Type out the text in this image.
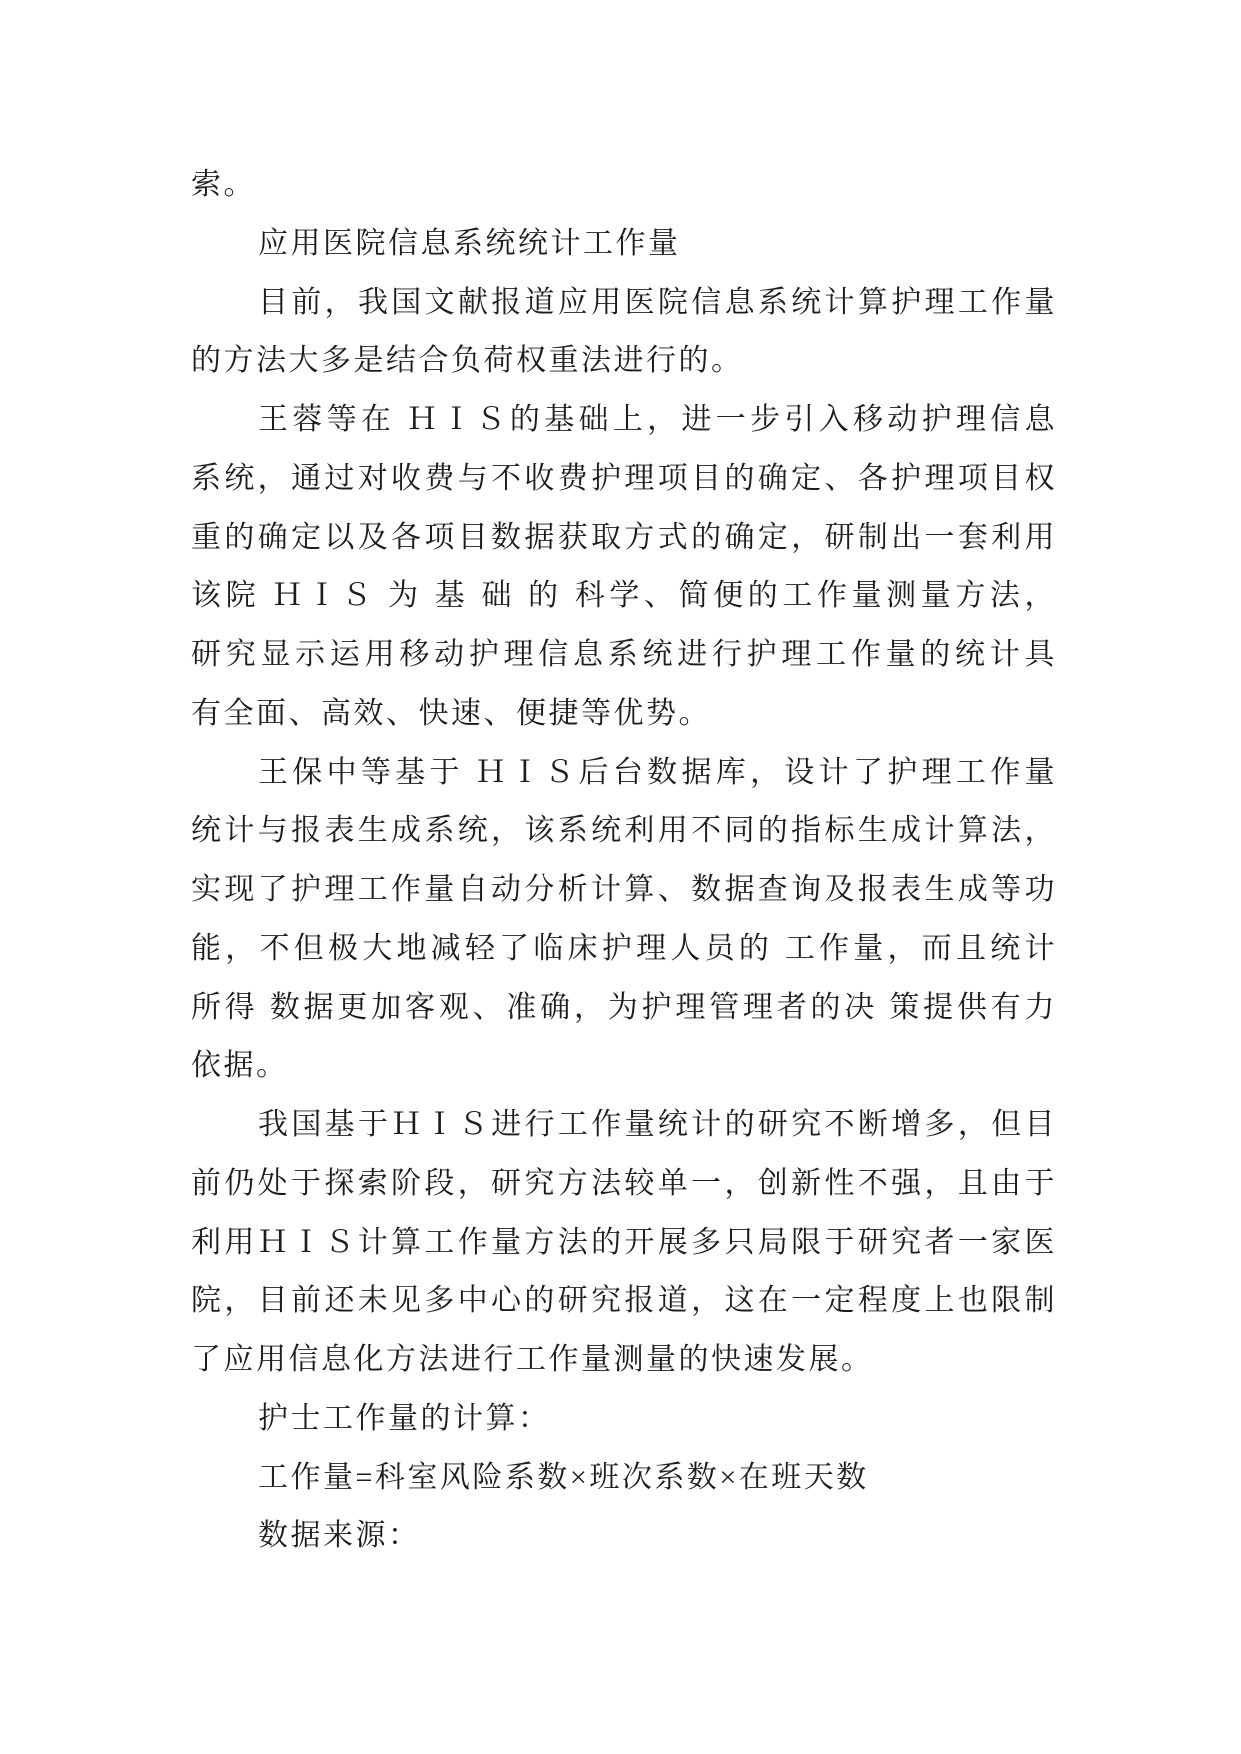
索。
应用医院信息系统统计工作量
目前，我国文献报道应用医院信息系统计算护理工作量
的方法大多是结合负荷权重法进行的。
王蓉等在 ＨＩＳ的基础上，进一步引入移动护理信息
系统，通过对收费与不收费护理项目的确定、各护理项目权
重的确定以及各项目数据获取方式的确定，研制出一套利用
该院 ＨＩＳ 为 基 础 的 科学、简便的工作量测量方法，
研究显示运用移动护理信息系统进行护理工作量的统计具
有全面、高效、快速、便捷等优势。
王保中等基于 ＨＩＳ后台数据库，设计了护理工作量
统计与报表生成系统，该系统利用不同的指标生成计算法，
实现了护理工作量自动分析计算、数据查询及报表生成等功
能，不但极大地减轻了临床护理人员的 工作量，而且统计
所得 数据更加客观、准确，为护理管理者的决 策提供有力
依据。
我国基于ＨＩＳ进行工作量统计的研究不断增多，但目
前仍处于探索阶段，研究方法较单一，创新性不强，且由于
利用ＨＩＳ计算工作量方法的开展多只局限于研究者一家医
院，目前还未见多中心的研究报道，这在一定程度上也限制
了应用信息化方法进行工作量测量的快速发展。
护士工作量的计算：
工作量=科室风险系数×班次系数×在班天数
数据来源：
